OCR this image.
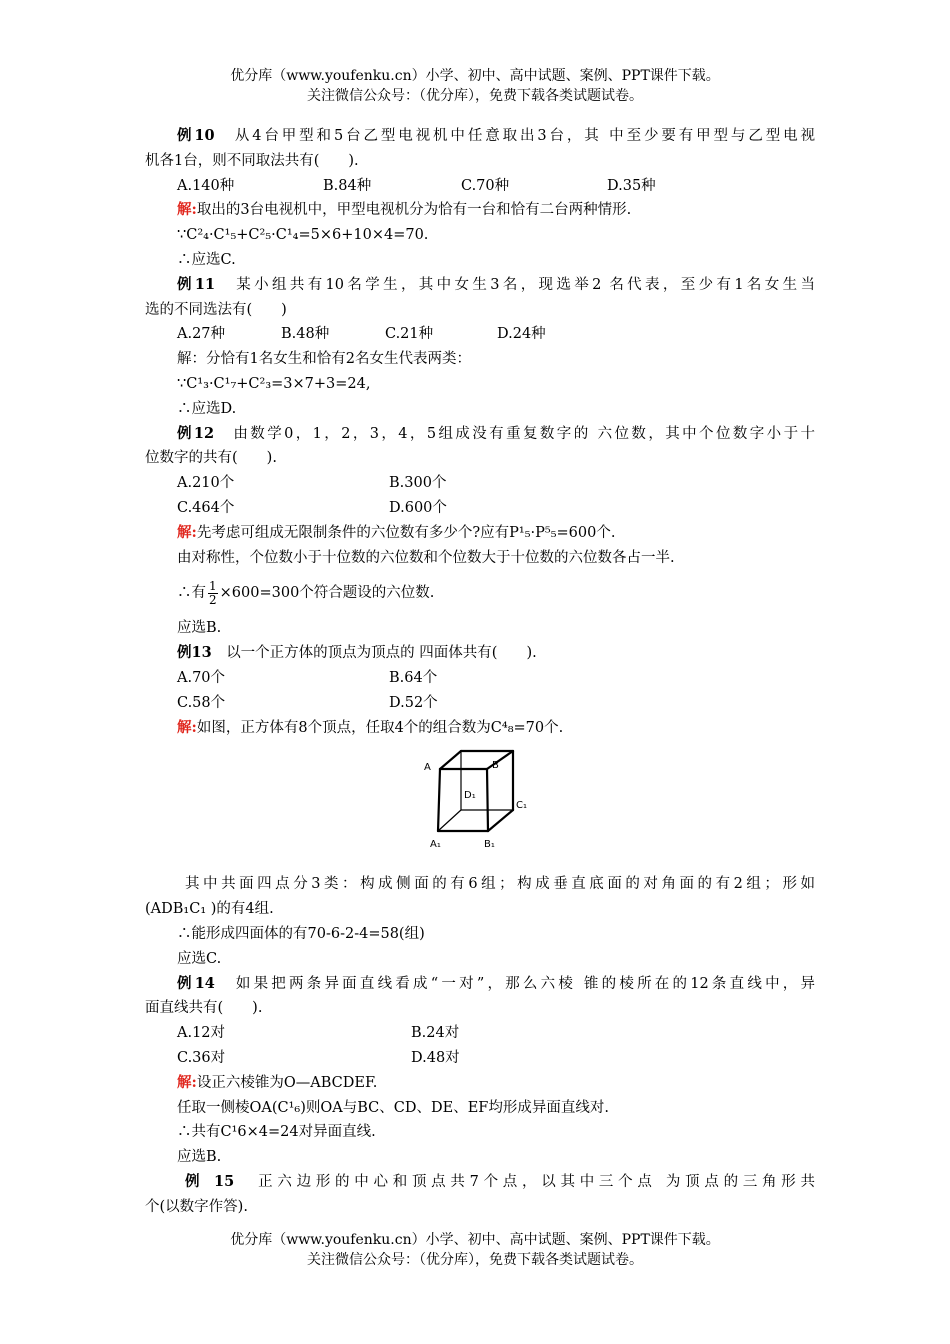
优分库（www.youfenku.cn）小学、初中、高中试题、案例、PPT课件下载。
关注微信公众号：（优分库），免费下载各类试题试卷。
例10　 从4台甲型和5台乙型电视机中任意取出3台，其 中至少要有甲型与乙型电视
机各1台，则不同取法共有(　　).
A.140种	B.84种	C.70种	D.35种
解:取出的3台电视机中，甲型电视机分为恰有一台和恰有二台两种情形.
∵C²₄·C¹₅+C²₅·C¹₄=5×6+10×4=70.
∴应选C.
例11　 某小组共有10名学生，其中女生3名，现选举2 名代表，至少有1名女生当
选的不同选法有(　　)
A.27种	B.48种	C.21种	D.24种
解：分恰有1名女生和恰有2名女生代表两类：
∵C¹₃·C¹₇+C²₃=3×7+3=24,
∴应选D.
例12　 由数学0，1，2，3，4，5组成没有重复数字的 六位数，其中个位数字小于十
位数字的共有(　　).
A.210个	B.300个
C.464个	D.600个
解:先考虑可组成无限制条件的六位数有多少个?应有P¹₅·P⁵₅=600个.
由对称性，个位数小于十位数的六位数和个位数大于十位数的六位数各占一半.
∴有 $\frac{1}{2} \times 600=300$个符合题设的六位数.
应选B.
例13　 以一个正方体的顶点为顶点的 四面体共有(　　).
A.70个	B.64个
C.58个	D.52个
解:如图，正方体有8个顶点，任取4个的组合数为C⁴₈=70个.
A	B
D₁
C₁
A₁	B₁
其中共面四点分3类：构成侧面的有6组；构成垂直底面的对角面的有2组；形如
(ADB₁C₁ )的有4组.
∴能形成四面体的有70-6-2-4=58(组)
应选C.
例14　 如果把两条异面直线看成“一对”，那么六棱 锥的棱所在的12条直线中，异
面直线共有(　　).
A.12对	B.24对
C.36对	D.48对
解:设正六棱锥为O—ABCDEF.
任取一侧棱OA(C¹₆)则OA与BC、CD、DE、EF均形成异面直线对.
∴共有C¹6×4=24对异面直线.
应选B.
例 15　 正六边形的中心和顶点共7个点，以其中三个点 为顶点的三角形共
个(以数字作答).
优分库（www.youfenku.cn）小学、初中、高中试题、案例、PPT课件下载。
关注微信公众号：（优分库），免费下载各类试题试卷。
